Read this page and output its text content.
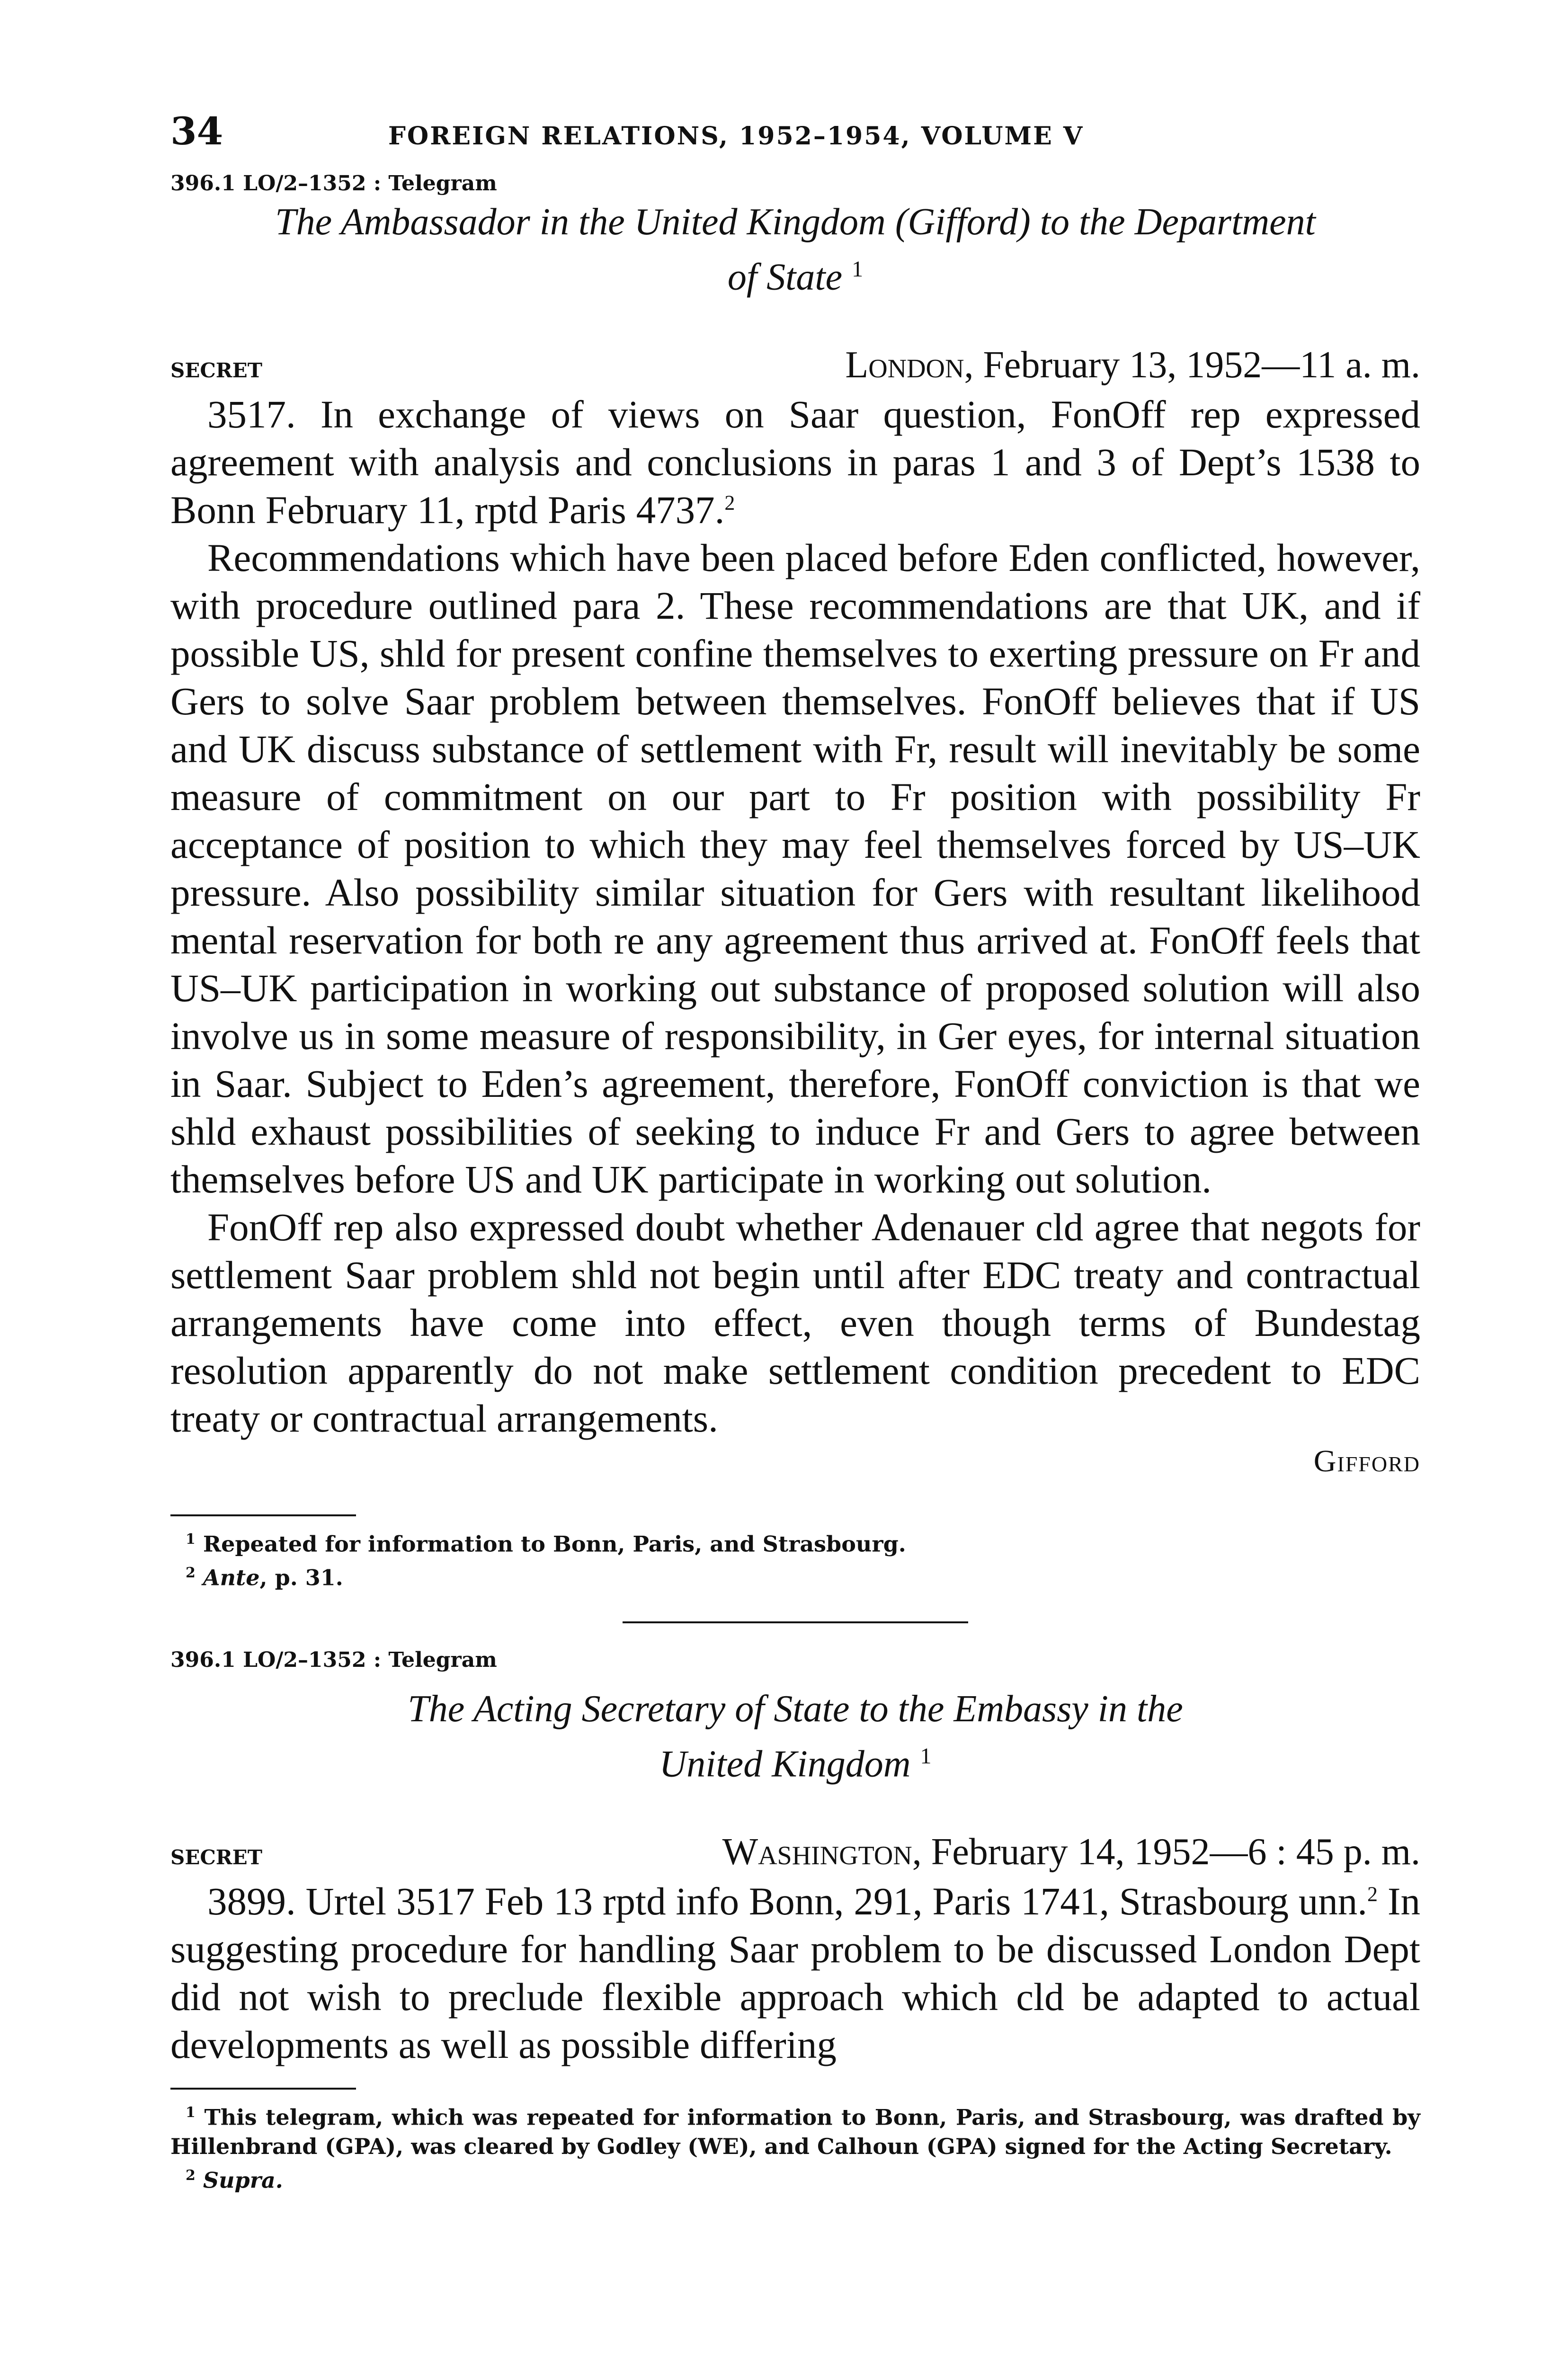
34	FOREIGN RELATIONS, 1952–1954, VOLUME V
396.1 LO/2–1352 : Telegram
The Ambassador in the United Kingdom (Gifford) to the Department
of State $^1$
SECRET	London, February 13, 1952—11 a. m.

3517. In exchange of views on Saar question, FonOff rep expressed agreement with analysis and conclusions in paras 1 and 3 of Dept’s 1538 to Bonn February 11, rptd Paris 4737.$^2$

Recommendations which have been placed before Eden conflicted, however, with procedure outlined para 2. These recommendations are that UK, and if possible US, shld for present confine themselves to exerting pressure on Fr and Gers to solve Saar problem between themselves. FonOff believes that if US and UK discuss substance of settlement with Fr, result will inevitably be some measure of commitment on our part to Fr position with possibility Fr acceptance of position to which they may feel themselves forced by US–UK pressure. Also possibility similar situation for Gers with resultant likelihood mental reservation for both re any agreement thus arrived at. FonOff feels that US–UK participation in working out substance of proposed solution will also involve us in some measure of responsibility, in Ger eyes, for internal situation in Saar. Subject to Eden’s agreement, therefore, FonOff conviction is that we shld exhaust possibilities of seeking to induce Fr and Gers to agree between themselves before US and UK participate in working out solution.

FonOff rep also expressed doubt whether Adenauer cld agree that negots for settlement Saar problem shld not begin until after EDC treaty and contractual arrangements have come into effect, even though terms of Bundestag resolution apparently do not make settlement condition precedent to EDC treaty or contractual arrangements.

Gifford
$^1$ Repeated for information to Bonn, Paris, and Strasbourg.
$^2$ Ante, p. 31.
396.1 LO/2–1352 : Telegram
The Acting Secretary of State to the Embassy in the
United Kingdom $^1$
SECRET	Washington, February 14, 1952—6 : 45 p. m.

3899. Urtel 3517 Feb 13 rptd info Bonn, 291, Paris 1741, Strasbourg unn.$^2$ In suggesting procedure for handling Saar problem to be discussed London Dept did not wish to preclude flexible approach which cld be adapted to actual developments as well as possible differing

$^1$ This telegram, which was repeated for information to Bonn, Paris, and Strasbourg, was drafted by Hillenbrand (GPA), was cleared by Godley (WE), and Calhoun (GPA) signed for the Acting Secretary.
$^2$ Supra.
